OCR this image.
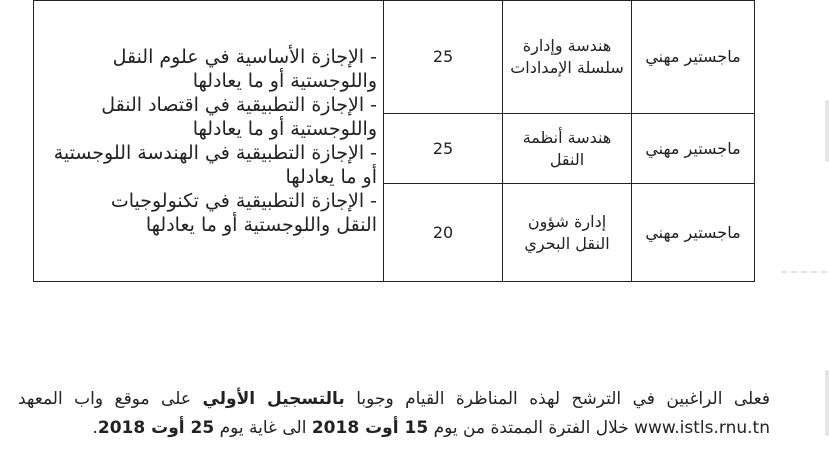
ماجستير مهني	هندسة وإدارة سلسلة الإمدادات	25	- الإجازة الأساسية في علوم النقل واللوجستية أو ما يعادلها
- الإجازة التطبيقية في اقتصاد النقل واللوجستية أو ما يعادلها
- الإجازة التطبيقية في الهندسة اللوجستية أو ما يعادلها
- الإجازة التطبيقية في تكنولوجيات النقل واللوجستية أو ما يعادلها

ماجستير مهني	هندسة أنظمة النقل	25	
ماجستير مهني	إدارة شؤون النقل البحري	20	
فعلى الراغبين في الترشح لهذه المناظرة القيام وجوبا بالتسجيل الأولي على موقع واب المعهد www.istls.rnu.tn خلال الفترة الممتدة من يوم 15 أوت 2018 الى غاية يوم 25 أوت 2018.
